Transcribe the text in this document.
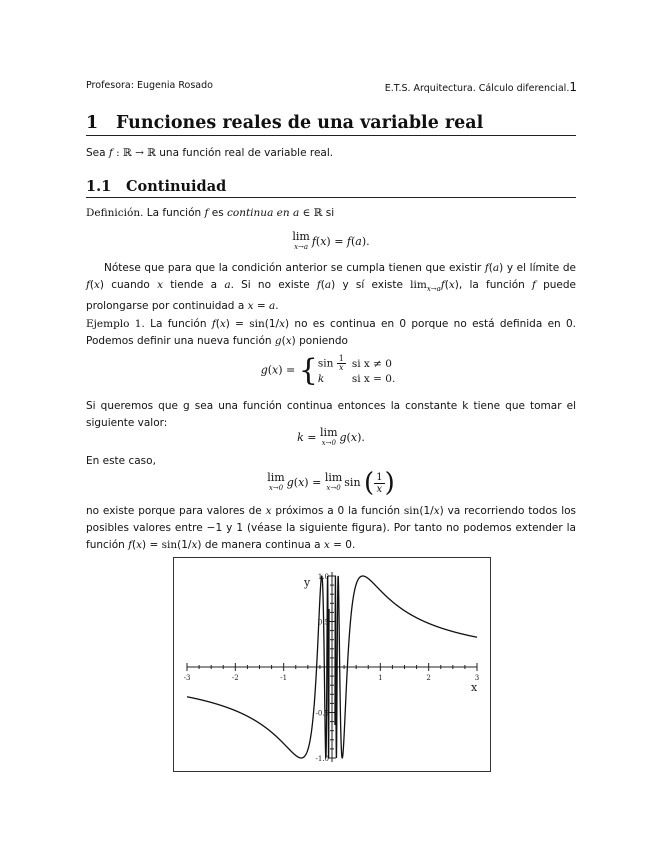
Profesora: Eugenia Rosado	E.T.S. Arquitectura. Cálculo diferencial.1
1 Funciones reales de una variable real
Sea f : ℝ → ℝ una función real de variable real.
1.1 Continuidad
Definición. La función f es continua en a ∈ ℝ si
lim
x→a f(x) = f(a).
Nótese que para que la condición anterior se cumpla tienen que existir f(a) y el límite de f(x) cuando x tiende a a. Si no existe f(a) y sí existe $\lim_{x\to a}f(x)$, la función f puede prolongarse por continuidad a x = a.
Ejemplo 1. La función f(x) = sin(1/x) no es continua en 0 porque no está definida en 0. Podemos definir una nueva función g(x) poniendo
g(x) = { $\sin \frac{1}{x}$	si x ≠ 0
k	si x = 0.
Si queremos que g sea una función continua entonces la constante k tiene que tomar el siguiente valor:
k = lim
x→0 g(x).
En este caso,
lim
x→0 g(x) = lim
x→0 sin ( $\frac{1}{x}$ )
no existe porque para valores de x próximos a 0 la función sin(1/x) va recorriendo todos los posibles valores entre −1 y 1 (véase la siguiente figura). Por tanto no podemos extender la función f(x) = sin(1/x) de manera continua a x = 0.
-3	-2	-1	1	2	3
1.0
0.5
-0.5
-1.0
x
y
